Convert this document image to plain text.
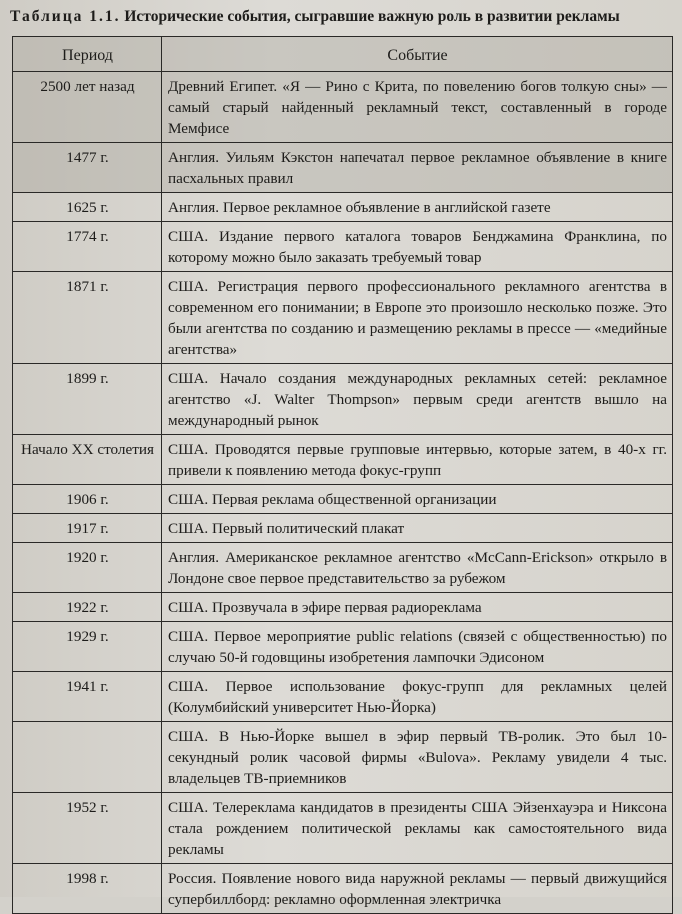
Таблица 1.1. Исторические события, сыгравшие важную роль в развитии рекламы
Период	Событие
2500 лет назад	Древний Египет. «Я — Рино с Крита, по повелению богов толкую сны» — самый старый найденный рекламный текст, составленный в городе Мемфисе
1477 г.	Англия. Уильям Кэкстон напечатал первое рекламное объявление в книге пасхальных правил
1625 г.	Англия. Первое рекламное объявление в английской газете
1774 г.	США. Издание первого каталога товаров Бенджамина Франклина, по которому можно было заказать требуемый товар
1871 г.	США. Регистрация первого профессионального рекламного агентства в современном его понимании; в Европе это произошло несколько позже. Это были агентства по созданию и размещению рекламы в прессе — «медийные агентства»
1899 г.	США. Начало создания международных рекламных сетей: рекламное агентство «J. Walter Thompson» первым среди агентств вышло на международный рынок
Начало XX столетия	США. Проводятся первые групповые интервью, которые затем, в 40-х гг. привели к появлению метода фокус-групп
1906 г.	США. Первая реклама общественной организации
1917 г.	США. Первый политический плакат
1920 г.	Англия. Американское рекламное агентство «McCann-Erickson» открыло в Лондоне свое первое представительство за рубежом
1922 г.	США. Прозвучала в эфире первая радиореклама
1929 г.	США. Первое мероприятие public relations (связей с общественностью) по случаю 50-й годовщины изобретения лампочки Эдисоном
1941 г.	США. Первое использование фокус-групп для рекламных целей (Колумбийский университет Нью-Йорка)
	США. В Нью-Йорке вышел в эфир первый ТВ-ролик. Это был 10-секундный ролик часовой фирмы «Bulova». Рекламу увидели 4 тыс. владельцев ТВ-приемников
1952 г.	США. Телереклама кандидатов в президенты США Эйзенхауэра и Никсона стала рождением политической рекламы как самостоятельного вида рекламы
1998 г.	Россия. Появление нового вида наружной рекламы — первый движущийся супербиллборд: рекламно оформленная электричка
